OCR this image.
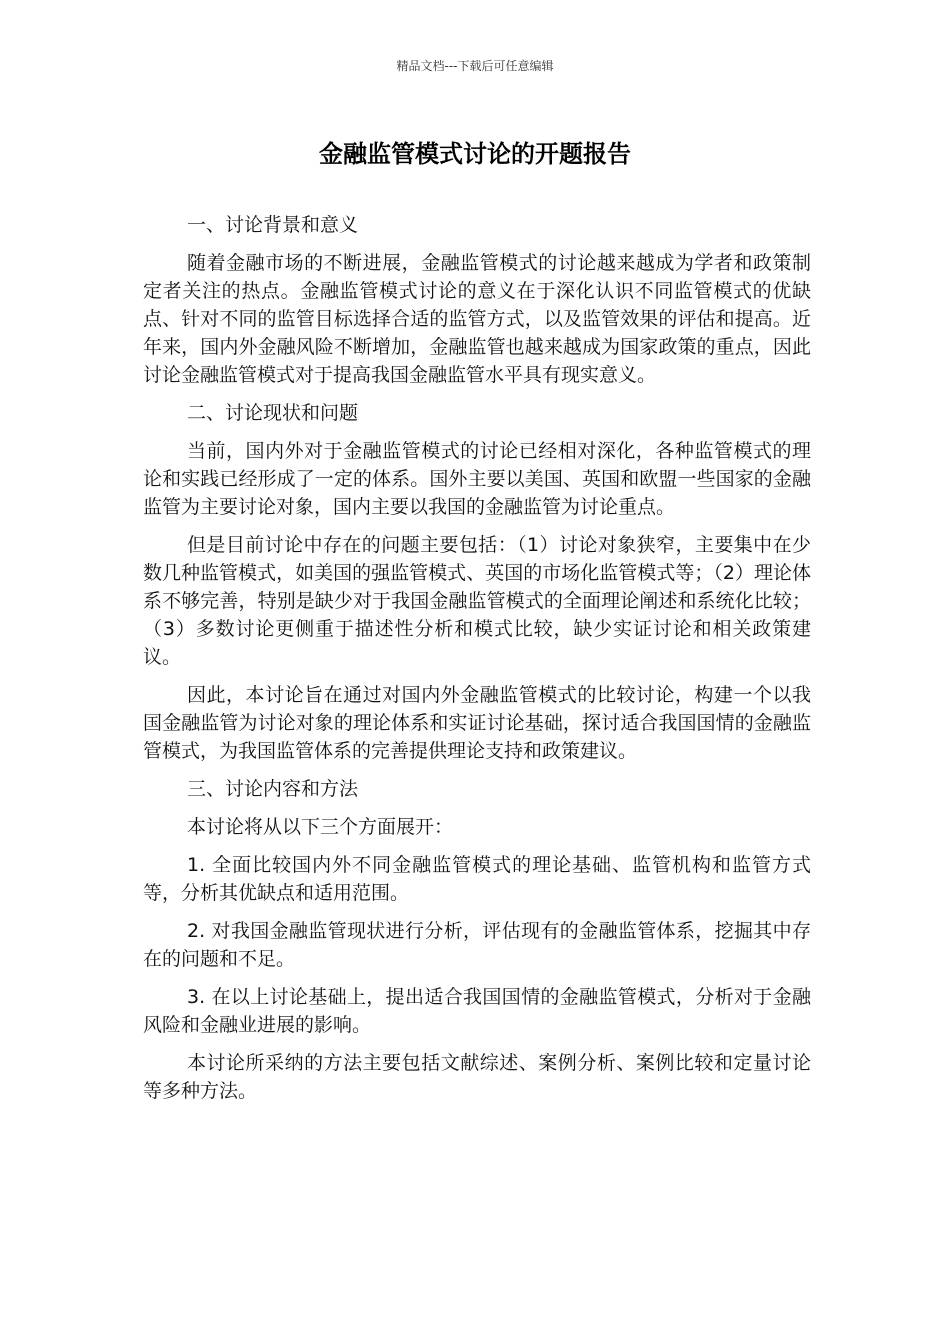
精品文档---下载后可任意编辑
金融监管模式讨论的开题报告

一、讨论背景和意义

随着金融市场的不断进展，金融监管模式的讨论越来越成为学者和政策制定者关注的热点。金融监管模式讨论的意义在于深化认识不同监管模式的优缺点、针对不同的监管目标选择合适的监管方式，以及监管效果的评估和提高。近年来，国内外金融风险不断增加，金融监管也越来越成为国家政策的重点，因此讨论金融监管模式对于提高我国金融监管水平具有现实意义。

二、讨论现状和问题

当前，国内外对于金融监管模式的讨论已经相对深化，各种监管模式的理论和实践已经形成了一定的体系。国外主要以美国、英国和欧盟一些国家的金融监管为主要讨论对象，国内主要以我国的金融监管为讨论重点。

但是目前讨论中存在的问题主要包括：（1）讨论对象狭窄，主要集中在少数几种监管模式，如美国的强监管模式、英国的市场化监管模式等；（2）理论体系不够完善，特别是缺少对于我国金融监管模式的全面理论阐述和系统化比较；（3）多数讨论更侧重于描述性分析和模式比较，缺少实证讨论和相关政策建议。

因此，本讨论旨在通过对国内外金融监管模式的比较讨论，构建一个以我国金融监管为讨论对象的理论体系和实证讨论基础，探讨适合我国国情的金融监管模式，为我国监管体系的完善提供理论支持和政策建议。

三、讨论内容和方法

本讨论将从以下三个方面展开：

1. 全面比较国内外不同金融监管模式的理论基础、监管机构和监管方式等，分析其优缺点和适用范围。

2. 对我国金融监管现状进行分析，评估现有的金融监管体系，挖掘其中存在的问题和不足。

3. 在以上讨论基础上，提出适合我国国情的金融监管模式，分析对于金融风险和金融业进展的影响。

本讨论所采纳的方法主要包括文献综述、案例分析、案例比较和定量讨论等多种方法。
